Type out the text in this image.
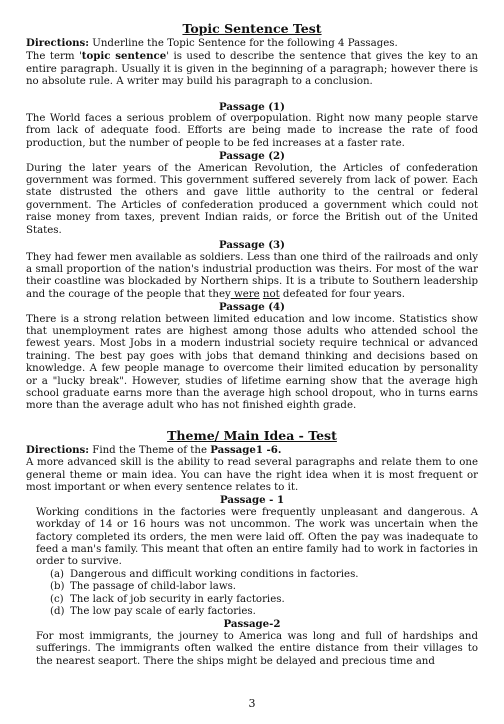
Topic Sentence Test

Directions: Underline the Topic Sentence for the following 4 Passages.

The term 'topic sentence' is used to describe the sentence that gives the key to an entire paragraph. Usually it is given in the beginning of a paragraph; however there is no absolute rule. A writer may build his paragraph to a conclusion.

Passage (1)

The World faces a serious problem of overpopulation. Right now many people starve from lack of adequate food. Efforts are being made to increase the rate of food production, but the number of people to be fed increases at a faster rate.

Passage (2)

During the later years of the American Revolution, the Articles of confederation government was formed. This government suffered severely from lack of power. Each state distrusted the others and gave little authority to the central or federal government. The Articles of confederation produced a government which could not raise money from taxes, prevent Indian raids, or force the British out of the United States.

Passage (3)

They had fewer men available as soldiers. Less than one third of the railroads and only a small proportion of the nation's industrial production was theirs. For most of the war their coastline was blockaded by Northern ships. It is a tribute to Southern leadership and the courage of the people that they were not defeated for four years.

Passage (4)

There is a strong relation between limited education and low income. Statistics show that unemployment rates are highest among those adults who attended school the fewest years. Most Jobs in a modern industrial society require technical or advanced training. The best pay goes with jobs that demand thinking and decisions based on knowledge. A few people manage to overcome their limited education by personality or a "lucky break". However, studies of lifetime earning show that the average high school graduate earns more than the average high school dropout, who in turns earns more than the average adult who has not finished eighth grade.

Theme/ Main Idea - Test

Directions: Find the Theme of the Passage1 -6.

A more advanced skill is the ability to read several paragraphs and relate them to one general theme or main idea. You can have the right idea when it is most frequent or most important or when every sentence relates to it.

Passage - 1

Working conditions in the factories were frequently unpleasant and dangerous. A workday of 14 or 16 hours was not uncommon. The work was uncertain when the factory completed its orders, the men were laid off. Often the pay was inadequate to feed a man's family. This meant that often an entire family had to work in factories in order to survive.

(a) Dangerous and difficult working conditions in factories.
(b) The passage of child-labor laws.
(c) The lack of job security in early factories.
(d) The low pay scale of early factories.
Passage-2

For most immigrants, the journey to America was long and full of hardships and sufferings. The immigrants often walked the entire distance from their villages to the nearest seaport. There the ships might be delayed and precious time and

3
